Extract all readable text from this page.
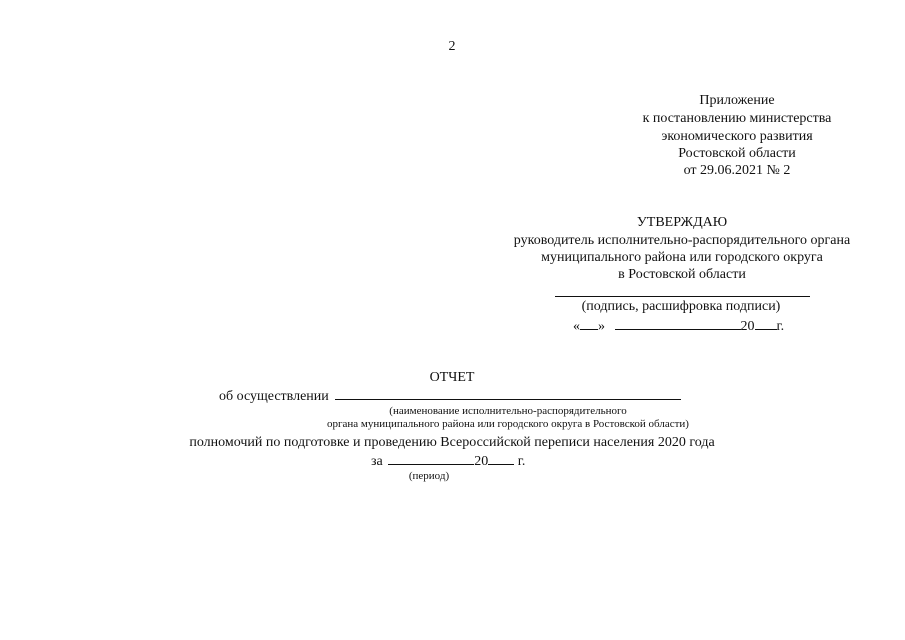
2
Приложение
к постановлению министерства
экономического развития
Ростовской области
от 29.06.2021 № 2
УТВЕРЖДАЮ
руководитель исполнительно-распорядительного органа
муниципального района или городского округа
в Ростовской области
(подпись, расшифровка подписи)
« »	20 г.
ОТЧЕТ
об осуществлении
(наименование исполнительно-распорядительного
органа муниципального района или городского округа в Ростовской области)
полномочий по подготовке и проведению Всероссийской переписи населения 2020 года
за	20 г.
(период)
